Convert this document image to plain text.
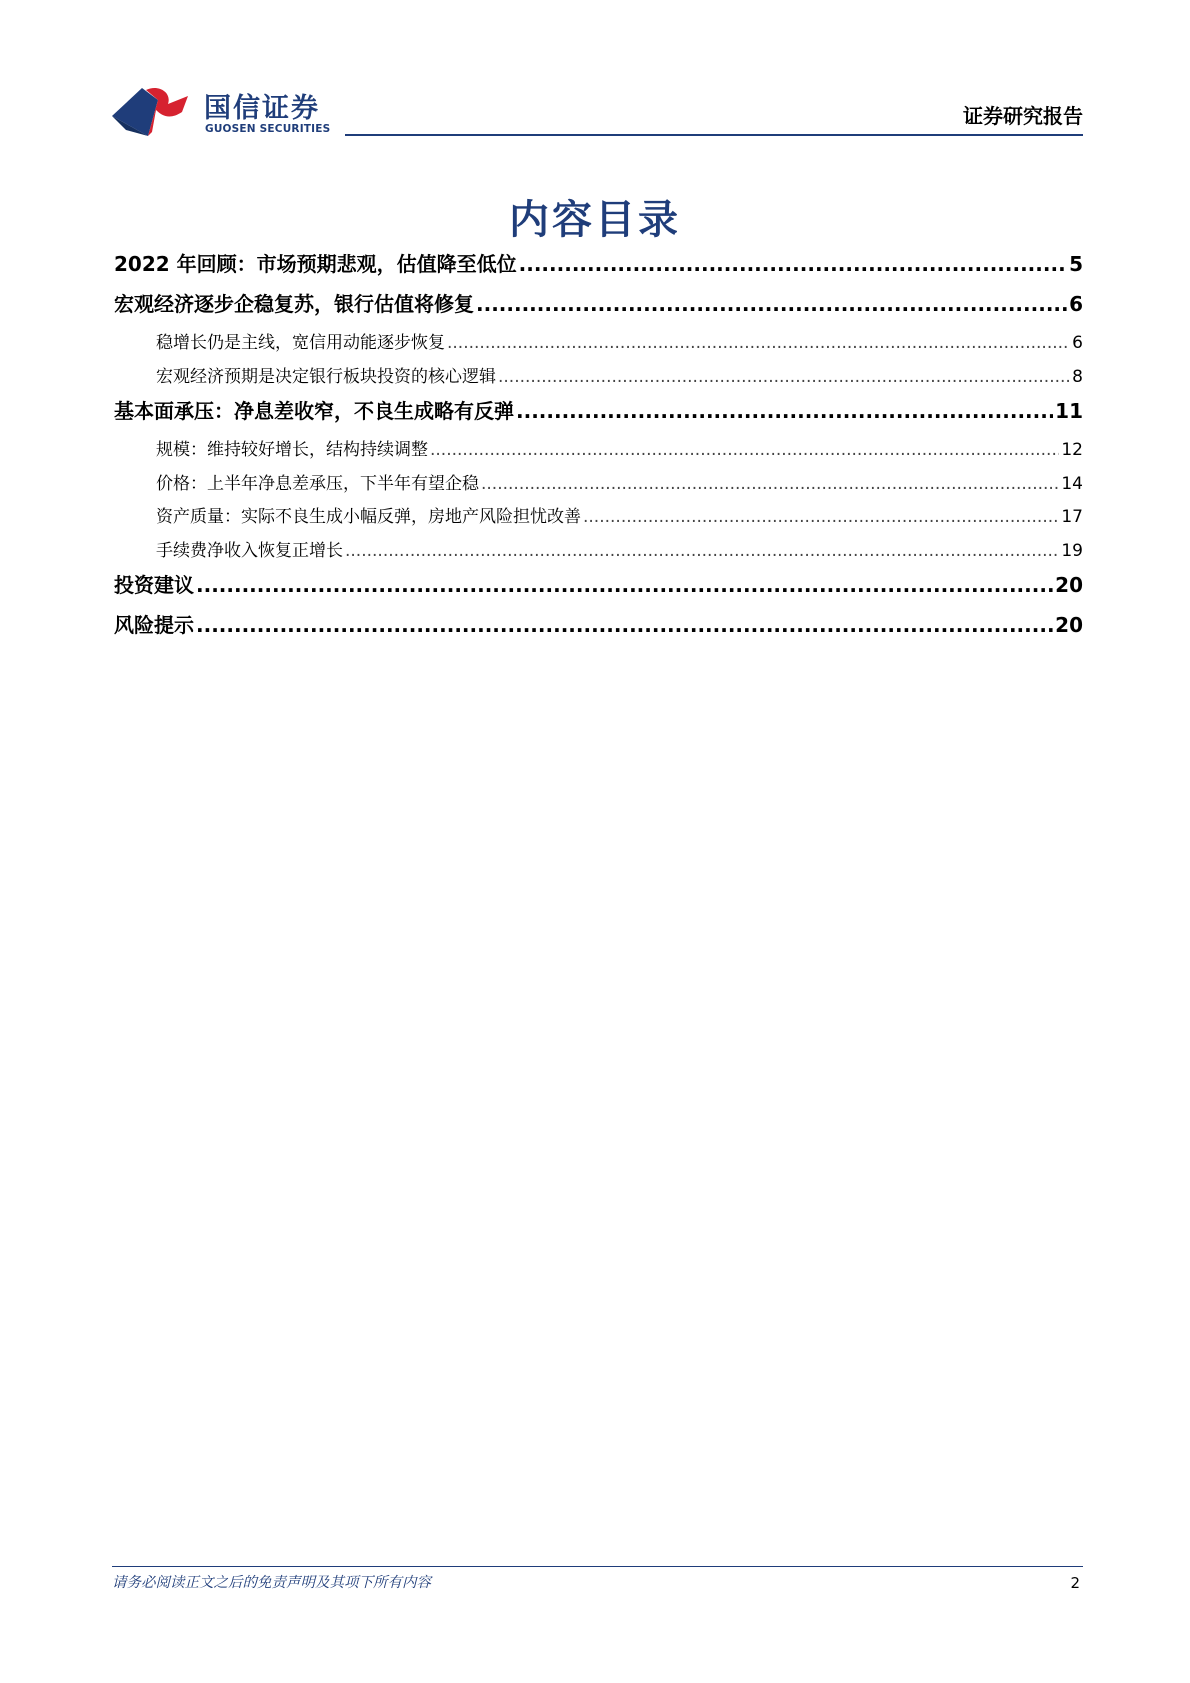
国信证券
GUOSEN SECURITIES
证券研究报告
内容目录
2022 年回顾：市场预期悲观，估值降至低位 .....	5
宏观经济逐步企稳复苏，银行估值将修复 .....	6
稳增长仍是主线，宽信用动能逐步恢复 .....	6
宏观经济预期是决定银行板块投资的核心逻辑 .....	8
基本面承压：净息差收窄，不良生成略有反弹 .....	11
规模：维持较好增长，结构持续调整 .....	12
价格：上半年净息差承压，下半年有望企稳 .....	14
资产质量：实际不良生成小幅反弹，房地产风险担忧改善 .....	17
手续费净收入恢复正增长 .....	19
投资建议 .....	20
风险提示 .....	20
请务必阅读正文之后的免责声明及其项下所有内容	2
